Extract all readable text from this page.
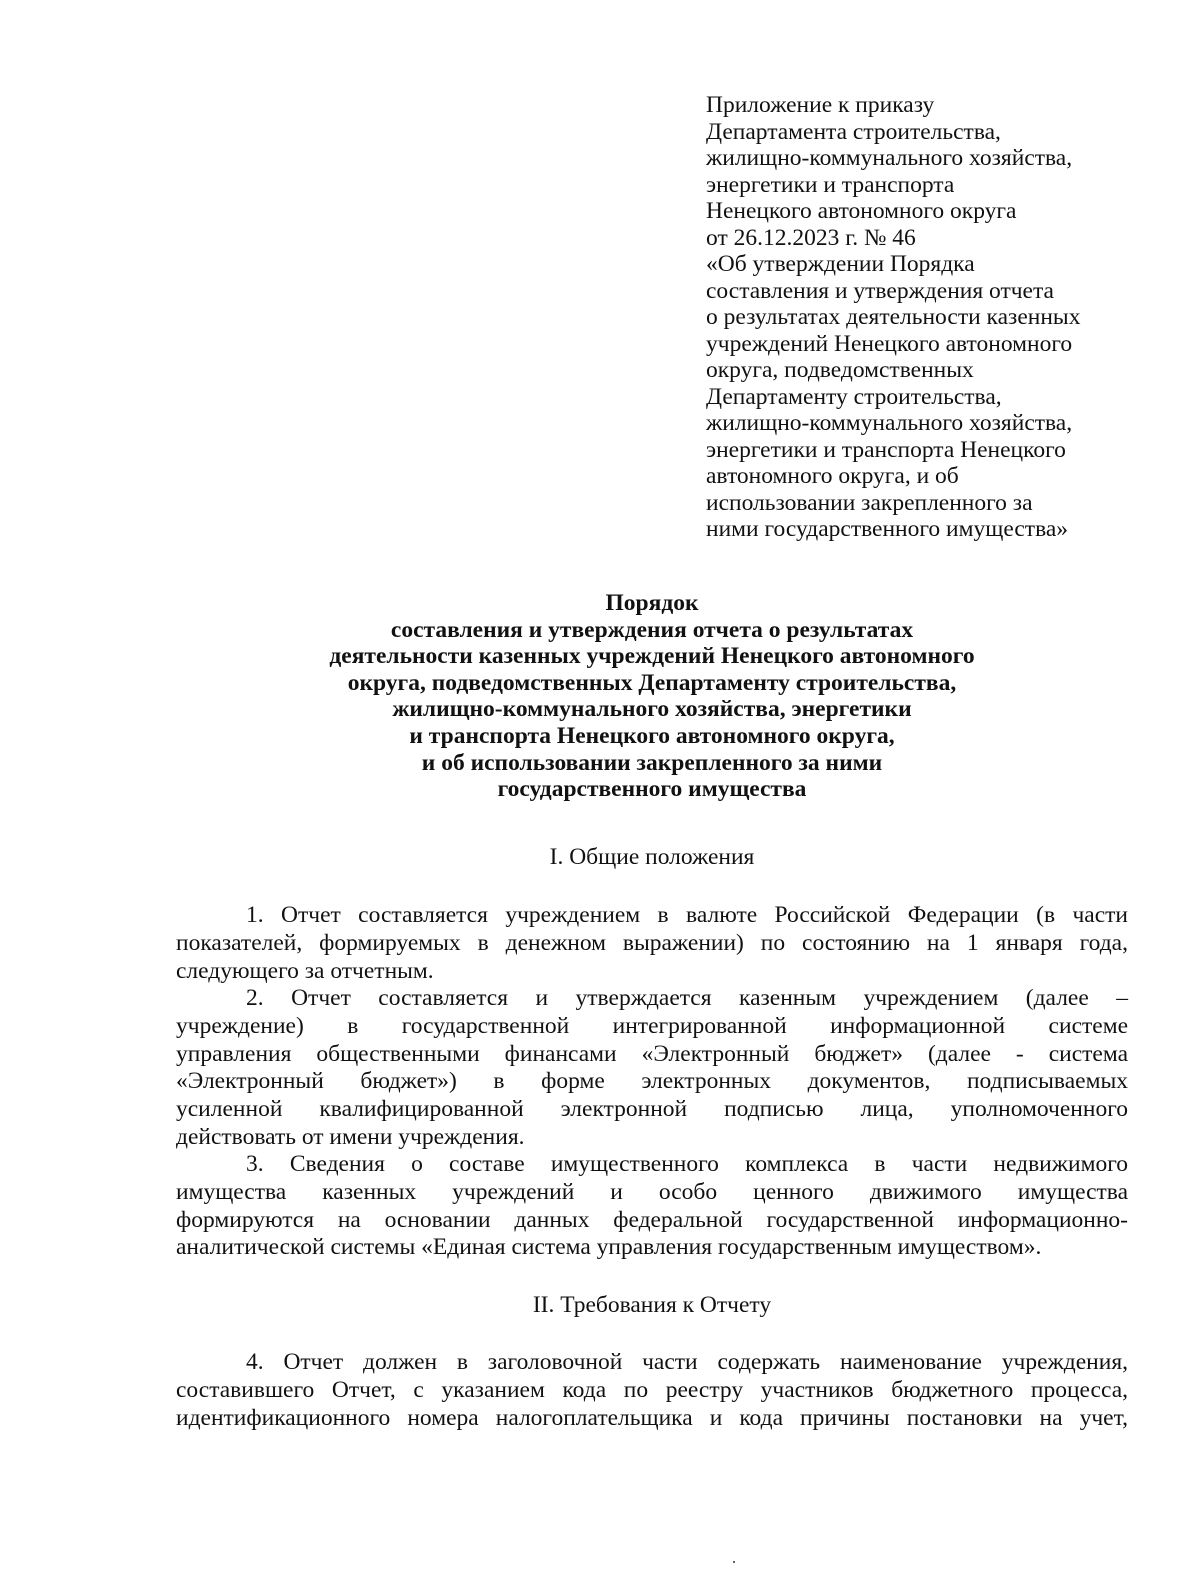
Приложение к приказу
Департамента строительства,
жилищно-коммунального хозяйства,
энергетики и транспорта
Ненецкого автономного округа
от 26.12.2023 г. № 46
«Об утверждении Порядка
составления и утверждения отчета
о результатах деятельности казенных
учреждений Ненецкого автономного
округа, подведомственных
Департаменту строительства,
жилищно-коммунального хозяйства,
энергетики и транспорта Ненецкого
автономного округа, и об
использовании закрепленного за
ними государственного имущества»
Порядок
составления и утверждения отчета о результатах
деятельности казенных учреждений Ненецкого автономного
округа, подведомственных Департаменту строительства,
жилищно-коммунального хозяйства, энергетики
и транспорта Ненецкого автономного округа,
и об использовании закрепленного за ними
государственного имущества
I. Общие положения
1. Отчет составляется учреждением в валюте Российской Федерации (в части
показателей, формируемых в денежном выражении) по состоянию на 1 января года,
следующего за отчетным.
2. Отчет составляется и утверждается казенным учреждением (далее –
учреждение) в государственной интегрированной информационной системе
управления общественными финансами «Электронный бюджет» (далее - система
«Электронный бюджет») в форме электронных документов, подписываемых
усиленной квалифицированной электронной подписью лица, уполномоченного
действовать от имени учреждения.
3. Сведения о составе имущественного комплекса в части недвижимого
имущества казенных учреждений и особо ценного движимого имущества
формируются на основании данных федеральной государственной информационно-
аналитической системы «Единая система управления государственным имуществом».
II. Требования к Отчету
4. Отчет должен в заголовочной части содержать наименование учреждения,
составившего Отчет, с указанием кода по реестру участников бюджетного процесса,
идентификационного номера налогоплательщика и кода причины постановки на учет,
